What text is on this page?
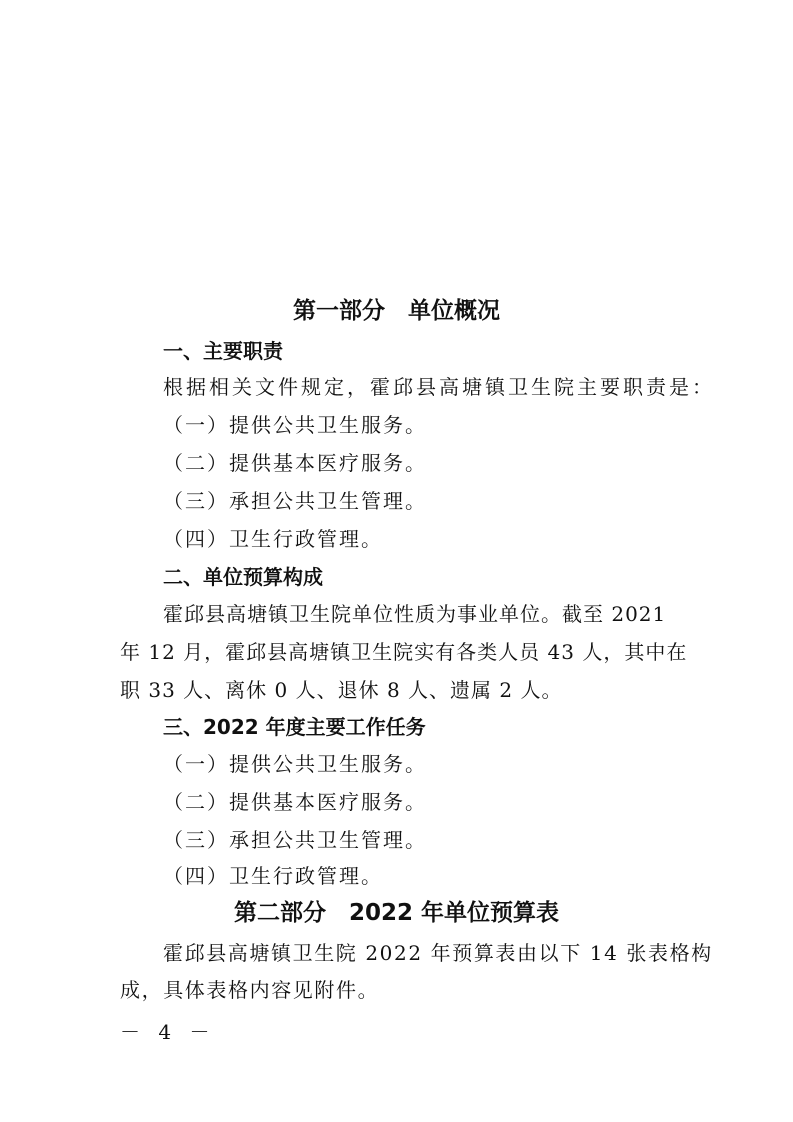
第一部分　单位概况
一、主要职责
根据相关文件规定，霍邱县高塘镇卫生院主要职责是：
（一）提供公共卫生服务。
（二）提供基本医疗服务。
（三）承担公共卫生管理。
（四）卫生行政管理。
二、单位预算构成
霍邱县高塘镇卫生院单位性质为事业单位。截至 2021
年 12 月，霍邱县高塘镇卫生院实有各类人员 43 人，其中在
职 33 人、离休 0 人、退休 8 人、遗属 2 人。
三、2022 年度主要工作任务
（一）提供公共卫生服务。
（二）提供基本医疗服务。
（三）承担公共卫生管理。
（四）卫生行政管理。
第二部分　2022 年单位预算表
霍邱县高塘镇卫生院 2022 年预算表由以下 14 张表格构
成，具体表格内容见附件。
－ 4 －
